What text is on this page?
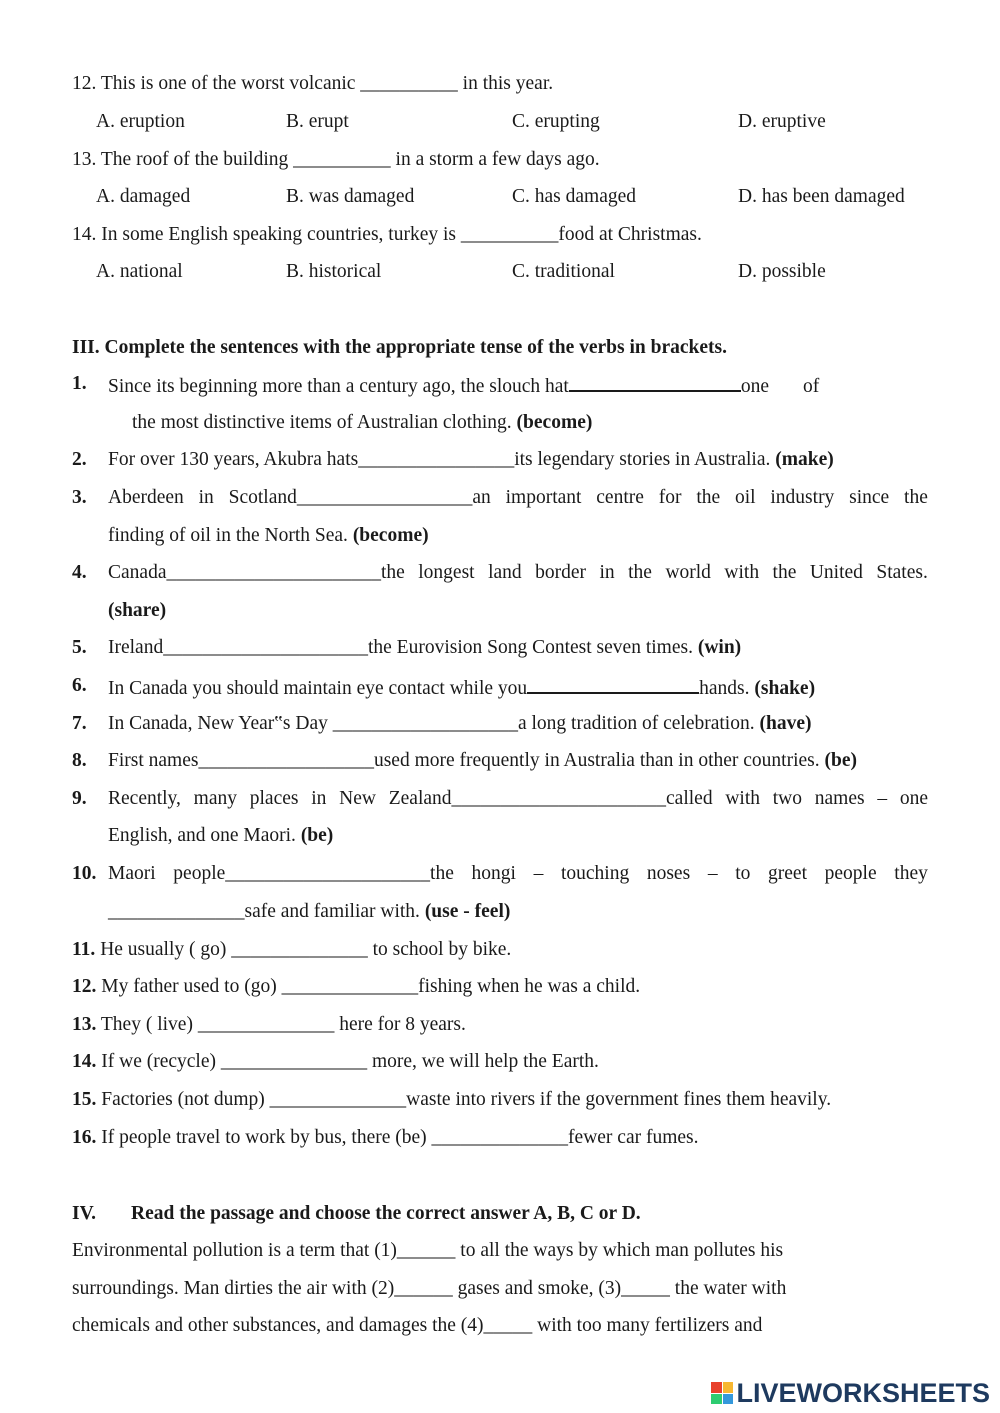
12. This is one of the worst volcanic __________ in this year.
A. eruption	B. erupt	C. erupting	D. eruptive
13. The roof of the building __________ in a storm a few days ago.
A. damaged	B. was damaged	C. has damaged	D. has been damaged
14. In some English speaking countries, turkey is __________food at Christmas.
A. national	B. historical	C. traditional	D. possible
III. Complete the sentences with the appropriate tense of the verbs in brackets.
1. Since its beginning more than a century ago, the slouch hat	one of
the most distinctive items of Australian clothing. (become)
2. For over 130 years, Akubra hats________________its legendary stories in Australia. (make)
3. Aberdeen in Scotland__________________an important centre for the oil industry since the
finding of oil in the North Sea. (become)
4. Canada______________________the longest land border in the world with the United States.
(share)
5. Ireland_____________________the Eurovision Song Contest seven times. (win)
6. In Canada you should maintain eye contact while you	hands. (shake)
7. In Canada, New Year‟s Day ___________________a long tradition of celebration. (have)
8. First names__________________used more frequently in Australia than in other countries. (be)
9. Recently, many places in New Zealand______________________called with two names – one
English, and one Maori. (be)
10. Maori people_____________________the hongi – touching noses – to greet people they
______________safe and familiar with. (use - feel)
11. He usually ( go) ______________ to school by bike.
12. My father used to (go) ______________fishing when he was a child.
13. They ( live) ______________ here for 8 years.
14. If we (recycle) _______________ more, we will help the Earth.
15. Factories (not dump) ______________waste into rivers if the government fines them heavily.
16. If people travel to work by bus, there (be) ______________fewer car fumes.
IV. Read the passage and choose the correct answer A, B, C or D.
Environmental pollution is a term that (1)______ to all the ways by which man pollutes his
surroundings. Man dirties the air with (2)______ gases and smoke, (3)_____ the water with
chemicals and other substances, and damages the (4)_____ with too many fertilizers and
LIVEWORKSHEETS
